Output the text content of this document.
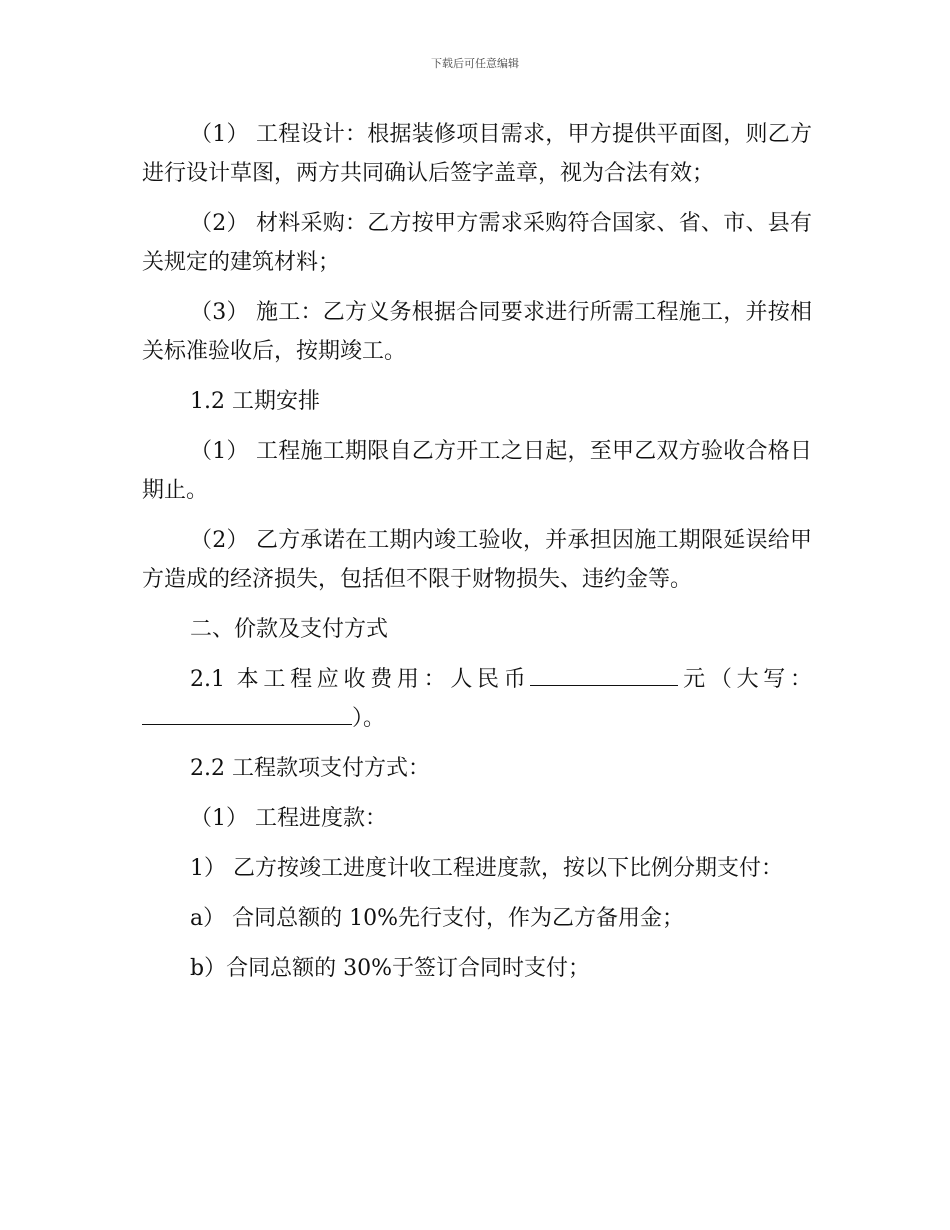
下载后可任意编辑

（1） 工程设计：根据装修项目需求，甲方提供平面图，则乙方进行设计草图，两方共同确认后签字盖章，视为合法有效；

（2） 材料采购：乙方按甲方需求采购符合国家、省、市、县有关规定的建筑材料；

（3） 施工：乙方义务根据合同要求进行所需工程施工，并按相关标准验收后，按期竣工。

1.2 工期安排

（1） 工程施工期限自乙方开工之日起，至甲乙双方验收合格日期止。

（2） 乙方承诺在工期内竣工验收，并承担因施工期限延误给甲方造成的经济损失，包括但不限于财物损失、违约金等。

二、价款及支付方式

2.1 本工程应收费用：人民币	元（大写：）。

2.2 工程款项支付方式：

（1） 工程进度款：

1） 乙方按竣工进度计收工程进度款，按以下比例分期支付：

a） 合同总额的 10%先行支付，作为乙方备用金；

b）合同总额的 30%于签订合同时支付；
